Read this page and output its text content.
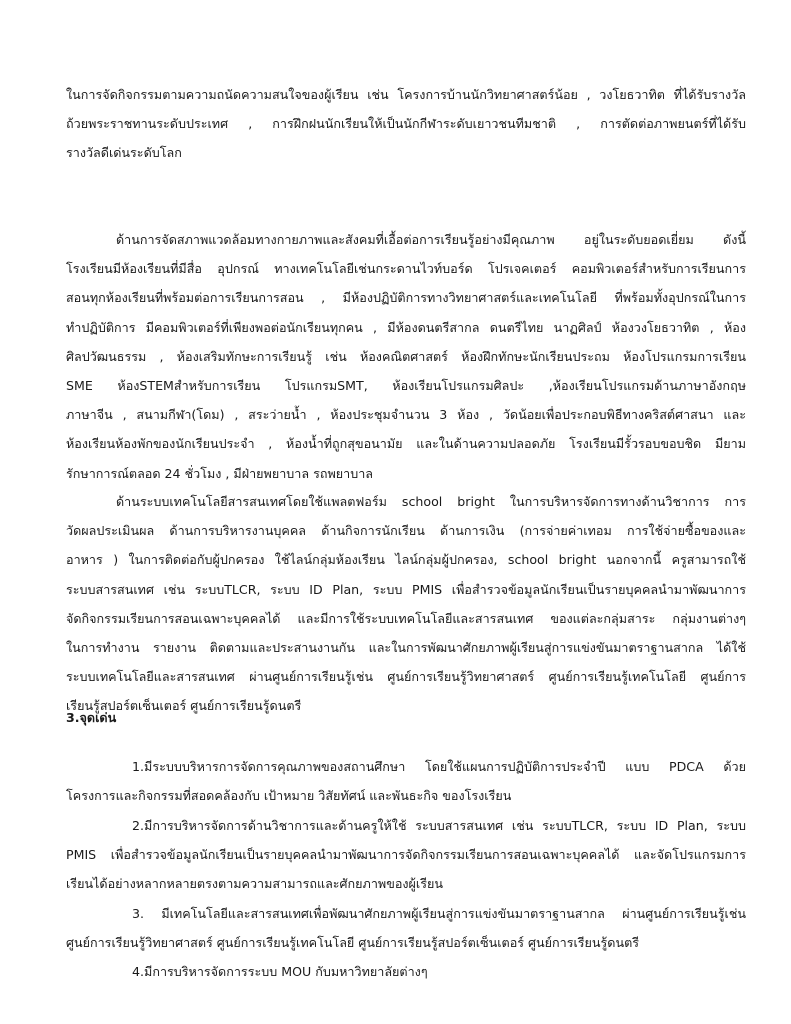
ในการจัดกิจกรรมตามความถนัดความสนใจของผู้เรียน เช่น โครงการบ้านนักวิทยาศาสตร์น้อย , วงโยธวาทิต ที่ได้รับรางวัล
ถ้วยพระราชทานระดับประเทศ , การฝึกฝนนักเรียนให้เป็นนักกีฬาระดับเยาวชนทีมชาติ , การตัดต่อภาพยนตร์ที่ได้รับ
รางวัลดีเด่นระดับโลก

ด้านการจัดสภาพแวดล้อมทางกายภาพและสังคมที่เอื้อต่อการเรียนรู้อย่างมีคุณภาพ อยู่ในระดับยอดเยี่ยม ดังนี้
โรงเรียนมีห้องเรียนที่มีสื่อ อุปกรณ์ ทางเทคโนโลยีเช่นกระดานไวท์บอร์ด โปรเจคเตอร์ คอมพิวเตอร์สำหรับการเรียนการ
สอนทุกห้องเรียนที่พร้อมต่อการเรียนการสอน , มีห้องปฏิบัติการทางวิทยาศาสตร์และเทคโนโลยี ที่พร้อมทั้งอุปกรณ์ในการ
ทำปฏิบัติการ มีคอมพิวเตอร์ที่เพียงพอต่อนักเรียนทุกคน , มีห้องดนตรีสากล ดนตรีไทย นาฏศิลป์ ห้องวงโยธวาทิต , ห้อง
ศิลปวัฒนธรรม , ห้องเสริมทักษะการเรียนรู้ เช่น ห้องคณิตศาสตร์ ห้องฝึกทักษะนักเรียนประถม ห้องโปรแกรมการเรียน
SME ห้องSTEMสำหรับการเรียน โปรแกรมSMT, ห้องเรียนโปรแกรมศิลปะ ,ห้องเรียนโปรแกรมด้านภาษาอังกฤษ
ภาษาจีน , สนามกีฬา(โดม) , สระว่ายน้ำ , ห้องประชุมจำนวน 3 ห้อง , วัดน้อยเพื่อประกอบพิธีทางคริสต์ศาสนา และ
ห้องเรียนห้องพักของนักเรียนประจำ , ห้องน้ำที่ถูกสุขอนามัย และในด้านความปลอดภัย โรงเรียนมีรั้วรอบขอบชิด มียาม
รักษาการณ์ตลอด 24 ชั่วโมง , มีฝ่ายพยาบาล รถพยาบาล

ด้านระบบเทคโนโลยีสารสนเทศโดยใช้แพลตฟอร์ม school bright ในการบริหารจัดการทางด้านวิชาการ การ
วัดผลประเมินผล ด้านการบริหารงานบุคคล ด้านกิจการนักเรียน ด้านการเงิน (การจ่ายค่าเทอม การใช้จ่ายซื้อของและ
อาหาร ) ในการติดต่อกับผู้ปกครอง ใช้ไลน์กลุ่มห้องเรียน ไลน์กลุ่มผู้ปกครอง, school bright นอกจากนี้ ครูสามารถใช้
ระบบสารสนเทศ เช่น ระบบTLCR, ระบบ ID Plan, ระบบ PMIS เพื่อสำรวจข้อมูลนักเรียนเป็นรายบุคคลนำมาพัฒนาการ
จัดกิจกรรมเรียนการสอนเฉพาะบุคคลได้ และมีการใช้ระบบเทคโนโลยีและสารสนเทศ ของแต่ละกลุ่มสาระ กลุ่มงานต่างๆ
ในการทำงาน รายงาน ติดตามและประสานงานกัน และในการพัฒนาศักยภาพผู้เรียนสู่การแข่งขันมาตราฐานสากล ได้ใช้
ระบบเทคโนโลยีและสารสนเทศ ผ่านศูนย์การเรียนรู้เช่น ศูนย์การเรียนรู้วิทยาศาสตร์ ศูนย์การเรียนรู้เทคโนโลยี ศูนย์การ
เรียนรู้สปอร์ตเซ็นเตอร์ ศูนย์การเรียนรู้ดนตรี

3.จุดเด่น

1.มีระบบบริหารการจัดการคุณภาพของสถานศึกษา โดยใช้แผนการปฏิบัติการประจำปี แบบ PDCA ด้วย
โครงการและกิจกรรมที่สอดคล้องกับ เป้าหมาย วิสัยทัศน์ และพันธะกิจ ของโรงเรียน

2.มีการบริหารจัดการด้านวิชาการและด้านครูให้ใช้ ระบบสารสนเทศ เช่น ระบบTLCR, ระบบ ID Plan, ระบบ
PMIS เพื่อสำรวจข้อมูลนักเรียนเป็นรายบุคคลนำมาพัฒนาการจัดกิจกรรมเรียนการสอนเฉพาะบุคคลได้ และจัดโปรแกรมการ
เรียนได้อย่างหลากหลายตรงตามความสามารถและศักยภาพของผู้เรียน

3. มีเทคโนโลยีและสารสนเทศเพื่อพัฒนาศักยภาพผู้เรียนสู่การแข่งขันมาตราฐานสากล ผ่านศูนย์การเรียนรู้เช่น
ศูนย์การเรียนรู้วิทยาศาสตร์ ศูนย์การเรียนรู้เทคโนโลยี ศูนย์การเรียนรู้สปอร์ตเซ็นเตอร์ ศูนย์การเรียนรู้ดนตรี

4.มีการบริหารจัดการระบบ MOU กับมหาวิทยาลัยต่างๆ
